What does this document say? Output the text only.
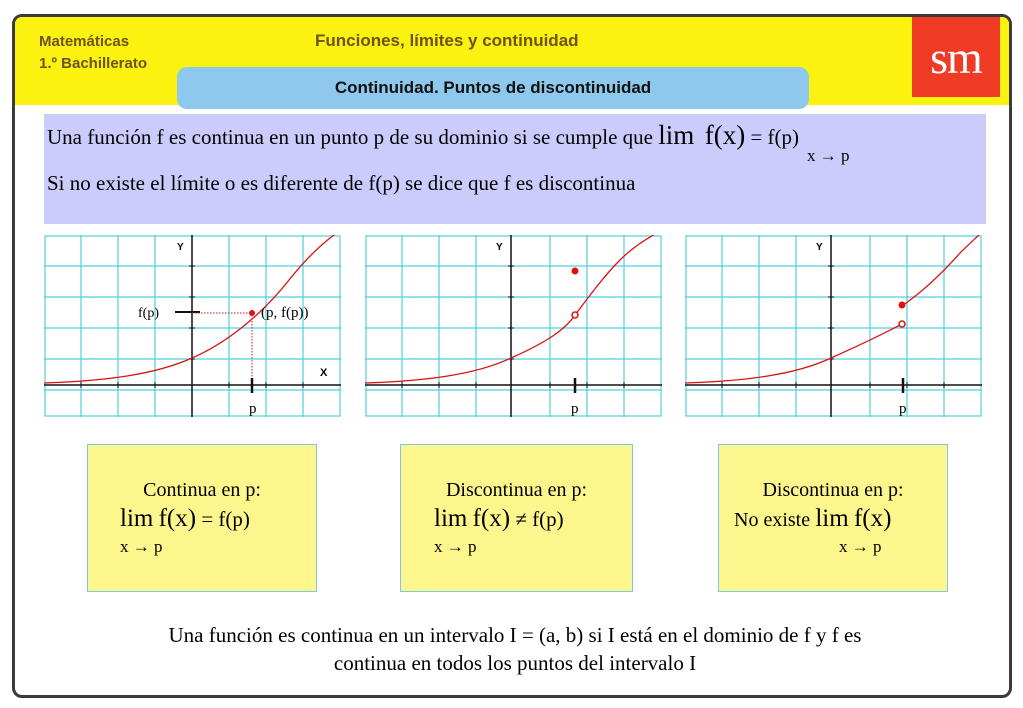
Matemáticas
1.º Bachillerato
Funciones, límites y continuidad	sm
Continuidad. Puntos de discontinuidad
Una función f es continua en un punto p de su dominio si se cumple que lim f(x) = f(p)
x → p
Si no existe el límite o es diferente de f(p) se dice que f es discontinua
Y
X
f(p)	(p, f(p))
p
Y
p
Y
p
Continua en p:
lim f(x) = f(p)
x → p
Discontinua en p:
lim f(x) ≠ f(p)
x → p
Discontinua en p:
No existe lim f(x)
x → p
Una función es continua en un intervalo I = (a, b) si I está en el dominio de f y f es
continua en todos los puntos del intervalo I
